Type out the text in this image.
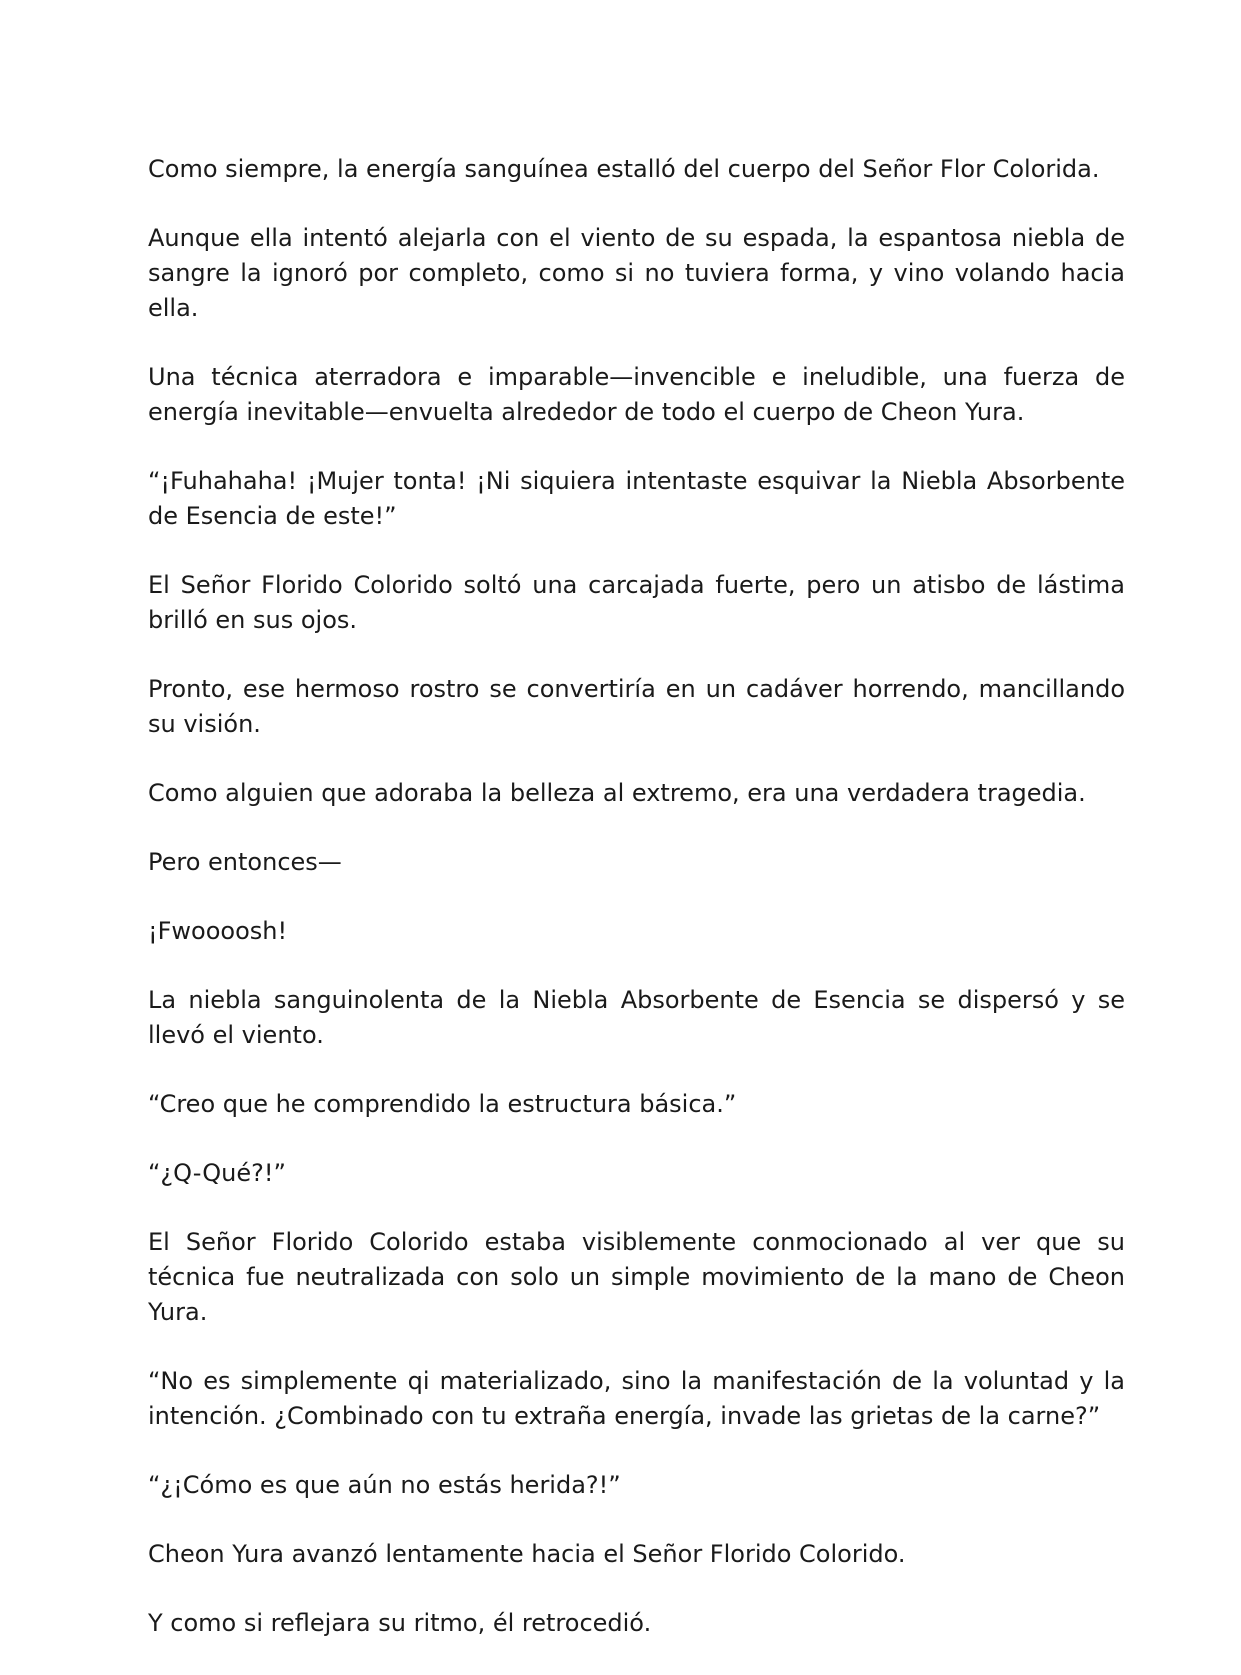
Como siempre, la energía sanguínea estalló del cuerpo del Señor Flor Colorida.

Aunque ella intentó alejarla con el viento de su espada, la espantosa niebla de sangre la ignoró por completo, como si no tuviera forma, y vino volando hacia ella.

Una técnica aterradora e imparable—invencible e ineludible, una fuerza de energía inevitable—envuelta alrededor de todo el cuerpo de Cheon Yura.

“¡Fuhahaha! ¡Mujer tonta! ¡Ni siquiera intentaste esquivar la Niebla Absorbente de Esencia de este!”

El Señor Florido Colorido soltó una carcajada fuerte, pero un atisbo de lástima brilló en sus ojos.

Pronto, ese hermoso rostro se convertiría en un cadáver horrendo, mancillando su visión.

Como alguien que adoraba la belleza al extremo, era una verdadera tragedia.

Pero entonces—

¡Fwoooosh!

La niebla sanguinolenta de la Niebla Absorbente de Esencia se dispersó y se llevó el viento.

“Creo que he comprendido la estructura básica.”

“¿Q-Qué?!”

El Señor Florido Colorido estaba visiblemente conmocionado al ver que su técnica fue neutralizada con solo un simple movimiento de la mano de Cheon Yura.

“No es simplemente qi materializado, sino la manifestación de la voluntad y la intención. ¿Combinado con tu extraña energía, invade las grietas de la carne?”

“¿¡Cómo es que aún no estás herida?!”

Cheon Yura avanzó lentamente hacia el Señor Florido Colorido.

Y como si reflejara su ritmo, él retrocedió.
